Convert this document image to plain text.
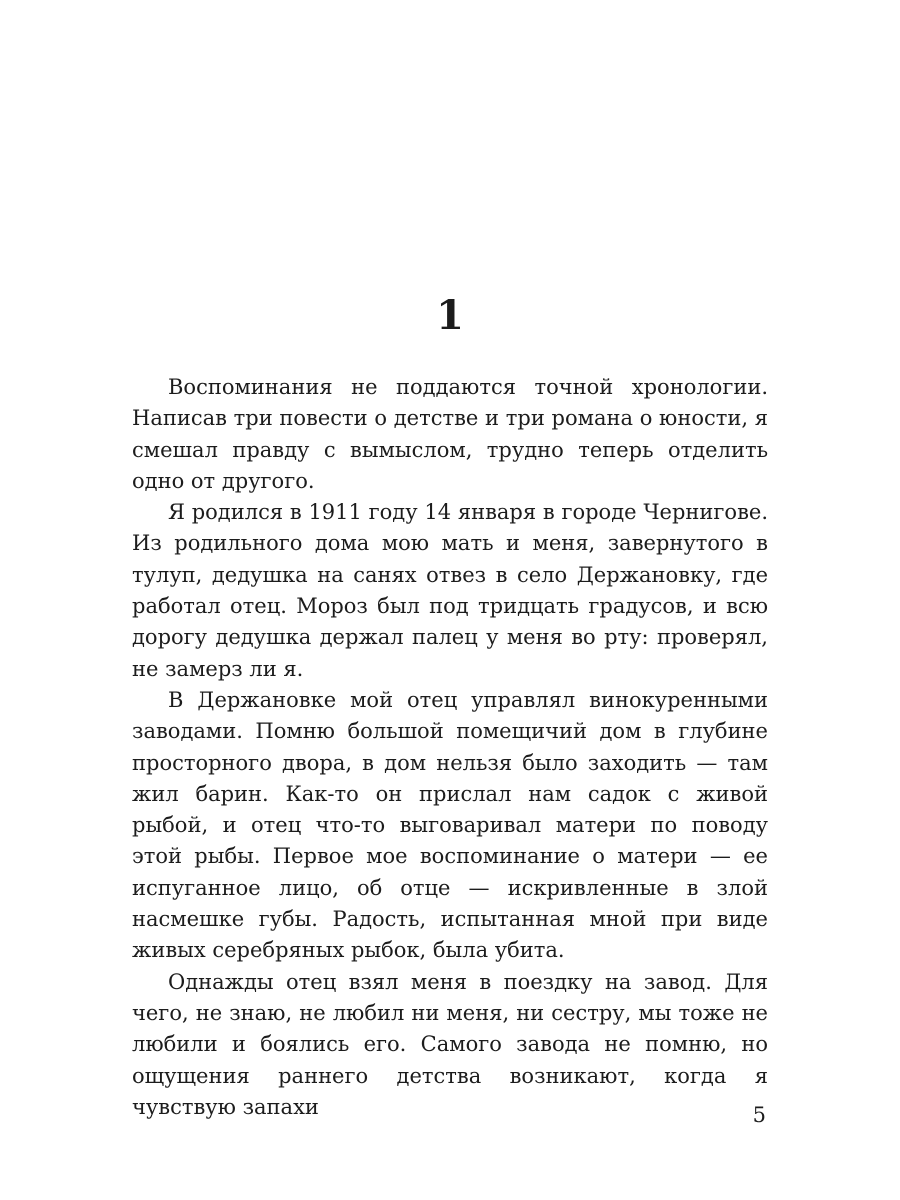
1

Воспоминания не поддаются точной хронологии. Написав три повести о детстве и три романа о юности, я смешал правду с вымыслом, трудно теперь отделить одно от другого.

Я родился в 1911 году 14 января в городе Чернигове. Из родильного дома мою мать и меня, завернутого в тулуп, дедушка на санях отвез в село Держановку, где работал отец. Мороз был под тридцать градусов, и всю дорогу дедушка держал палец у меня во рту: проверял, не замерз ли я.

В Держановке мой отец управлял винокуренными заводами. Помню большой помещичий дом в глубине просторного двора, в дом нельзя было заходить — там жил барин. Как-то он прислал нам садок с живой рыбой, и отец что-то выговаривал матери по поводу этой рыбы. Первое мое воспоминание о матери — ее испуганное лицо, об отце — искривленные в злой насмешке губы. Радость, испытанная мной при виде живых серебряных рыбок, была убита.

Однажды отец взял меня в поездку на завод. Для чего, не знаю, не любил ни меня, ни сестру, мы тоже не любили и боялись его. Самого завода не помню, но ощущения раннего детства возникают, когда я чувствую запахи	5
